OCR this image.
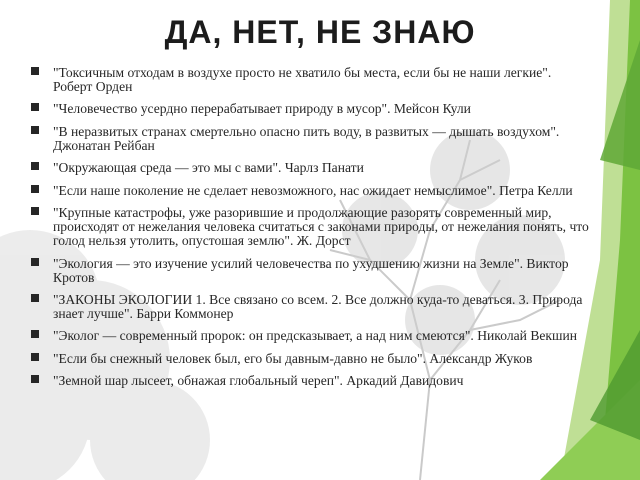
ДА, НЕТ, НЕ ЗНАЮ
"Токсичным отходам в воздухе просто не хватило бы места, если бы не наши легкие". Роберт Орден
"Человечество усердно перерабатывает природу в мусор". Мейсон Кули
"В неразвитых странах смертельно опасно пить воду, в развитых — дышать воздухом". Джонатан Рейбан
"Окружающая среда — это мы с вами". Чарлз Панати
"Если наше поколение не сделает невозможного, нас ожидает немыслимое". Петра Келли
"Крупные катастрофы, уже разорившие и продолжающие разорять современный мир, происходят от нежелания человека считаться с законами природы, от нежелания понять, что голод нельзя утолить, опустошая землю". Ж. Дорст
"Экология — это изучение усилий человечества по ухудшению жизни на Земле". Виктор Кротов
"ЗАКОНЫ ЭКОЛОГИИ 1. Все связано со всем. 2. Все должно куда-то деваться. 3. Природа знает лучше". Барри Коммонер
"Эколог — современный пророк: он предсказывает, а над ним смеются". Николай Векшин
"Если бы снежный человек был, его бы давным-давно не было". Александр Жуков
"Земной шар лысеет, обнажая глобальный череп". Аркадий Давидович
